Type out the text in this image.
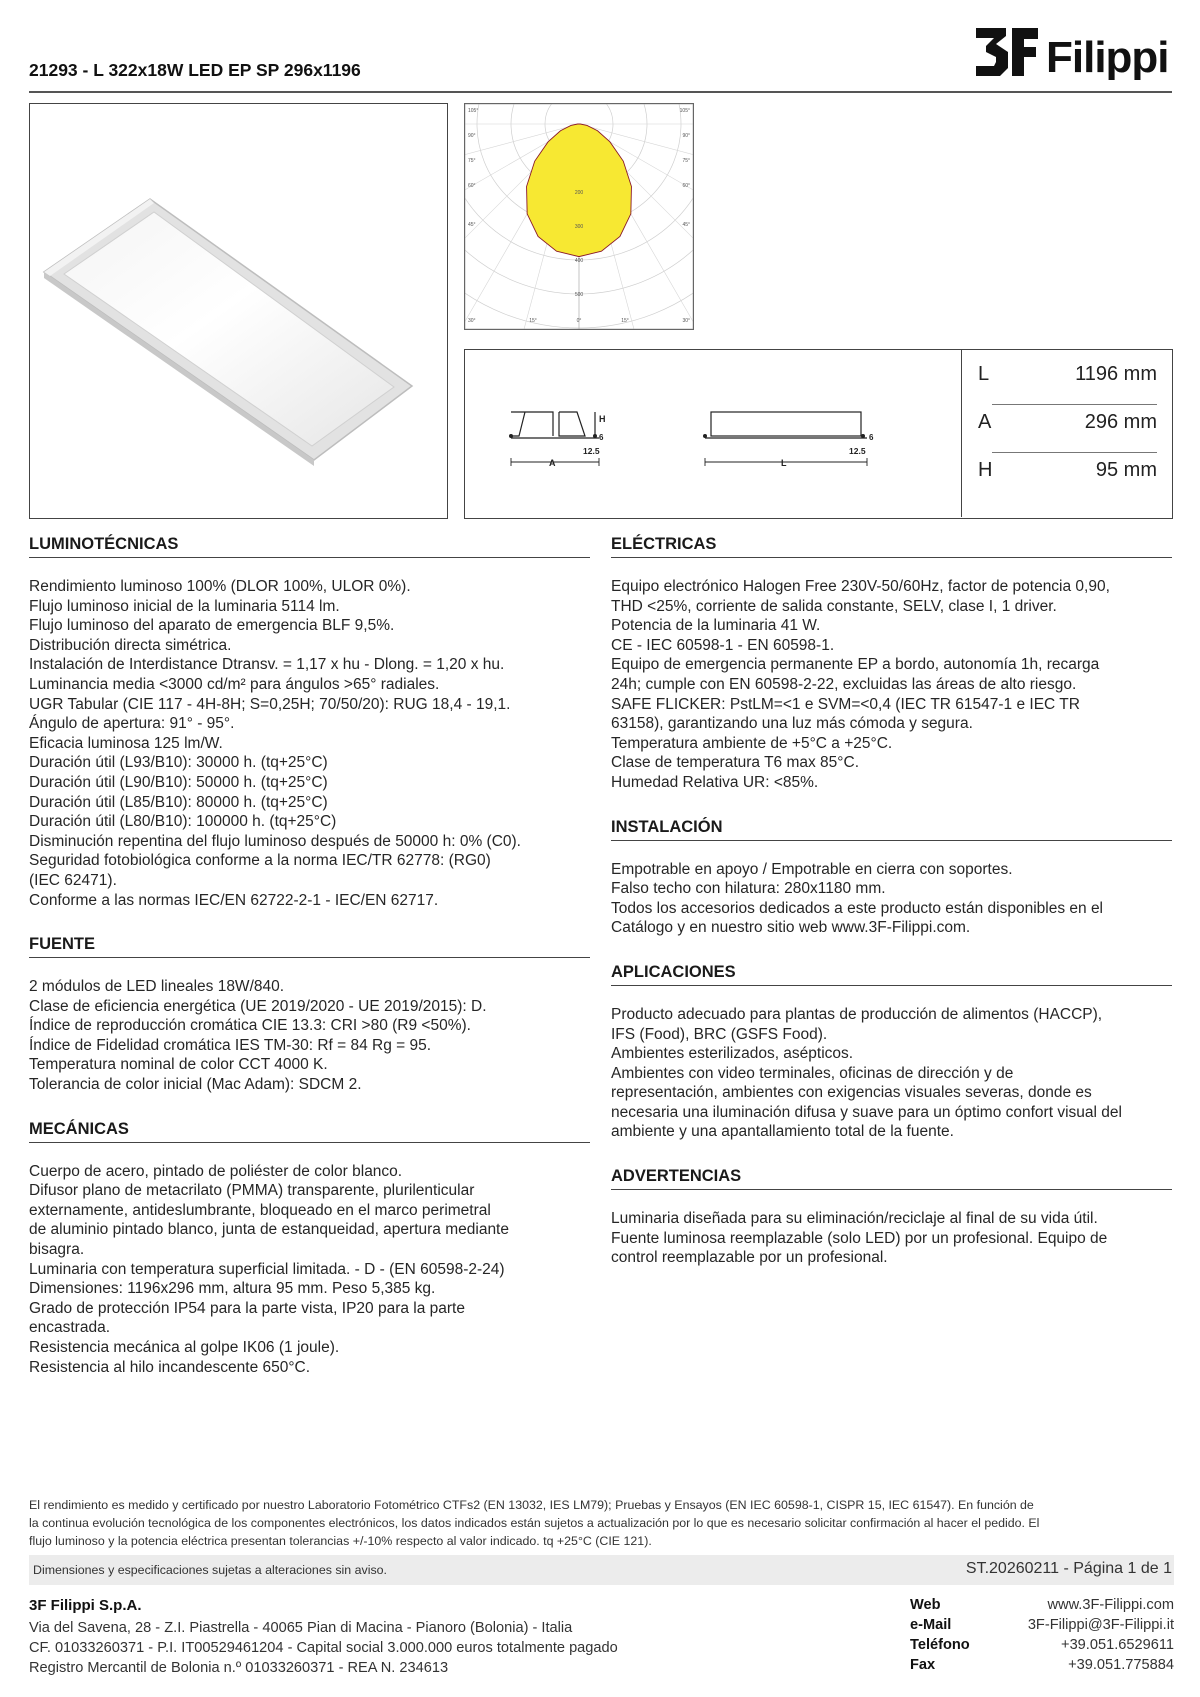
21293 - L 322x18W LED EP SP 296x1196	Filippi
105°
90°
75°
60°
45°
30°
105°
90°
75°
60°
45°
30°
200
300
400
500
15°	0°	15°
H
6
12.5
A
6
12.5
L
L	1196 mm
A	296 mm
H	95 mm
LUMINOTÉCNICAS
Rendimiento luminoso 100% (DLOR 100%, ULOR 0%).
Flujo luminoso inicial de la luminaria 5114 lm.
Flujo luminoso del aparato de emergencia BLF 9,5%.
Distribución directa simétrica.
Instalación de Interdistance Dtransv. = 1,17 x hu - Dlong. = 1,20 x hu.
Luminancia media <3000 cd/m² para ángulos >65° radiales.
UGR Tabular (CIE 117 - 4H-8H; S=0,25H; 70/50/20): RUG 18,4 - 19,1.
Ángulo de apertura: 91° - 95°.
Eficacia luminosa 125 lm/W.
Duración útil (L93/B10): 30000 h. (tq+25°C)
Duración útil (L90/B10): 50000 h. (tq+25°C)
Duración útil (L85/B10): 80000 h. (tq+25°C)
Duración útil (L80/B10): 100000 h. (tq+25°C)
Disminución repentina del flujo luminoso después de 50000 h: 0% (C0).
Seguridad fotobiológica conforme a la norma IEC/TR 62778: (RG0)
(IEC 62471).
Conforme a las normas IEC/EN 62722-2-1 - IEC/EN 62717.
FUENTE
2 módulos de LED lineales 18W/840.
Clase de eficiencia energética (UE 2019/2020 - UE 2019/2015): D.
Índice de reproducción cromática CIE 13.3: CRI >80 (R9 <50%).
Índice de Fidelidad cromática IES TM-30: Rf = 84 Rg = 95.
Temperatura nominal de color CCT 4000 K.
Tolerancia de color inicial (Mac Adam): SDCM 2.
MECÁNICAS
Cuerpo de acero, pintado de poliéster de color blanco.
Difusor plano de metacrilato (PMMA) transparente, plurilenticular
externamente, antideslumbrante, bloqueado en el marco perimetral
de aluminio pintado blanco, junta de estanqueidad, apertura mediante
bisagra.
Luminaria con temperatura superficial limitada. - D - (EN 60598-2-24)
Dimensiones: 1196x296 mm, altura 95 mm. Peso 5,385 kg.
Grado de protección IP54 para la parte vista, IP20 para la parte
encastrada.
Resistencia mecánica al golpe IK06 (1 joule).
Resistencia al hilo incandescente 650°C.
ELÉCTRICAS
Equipo electrónico Halogen Free 230V-50/60Hz, factor de potencia 0,90,
THD <25%, corriente de salida constante, SELV, clase I, 1 driver.
Potencia de la luminaria 41 W.
CE - IEC 60598-1 - EN 60598-1.
Equipo de emergencia permanente EP a bordo, autonomía 1h, recarga
24h; cumple con EN 60598-2-22, excluidas las áreas de alto riesgo.
SAFE FLICKER: PstLM=<1 e SVM=<0,4 (IEC TR 61547-1 e IEC TR
63158), garantizando una luz más cómoda y segura.
Temperatura ambiente de +5°C a +25°C.
Clase de temperatura T6 max 85°C.
Humedad Relativa UR: <85%.
INSTALACIÓN
Empotrable en apoyo / Empotrable en cierra con soportes.
Falso techo con hilatura: 280x1180 mm.
Todos los accesorios dedicados a este producto están disponibles en el
Catálogo y en nuestro sitio web www.3F-Filippi.com.
APLICACIONES
Producto adecuado para plantas de producción de alimentos (HACCP),
IFS (Food), BRC (GSFS Food).
Ambientes esterilizados, asépticos.
Ambientes con video terminales, oficinas de dirección y de
representación, ambientes con exigencias visuales severas, donde es
necesaria una iluminación difusa y suave para un óptimo confort visual del
ambiente y una apantallamiento total de la fuente.
ADVERTENCIAS
Luminaria diseñada para su eliminación/reciclaje al final de su vida útil.
Fuente luminosa reemplazable (solo LED) por un profesional. Equipo de
control reemplazable por un profesional.
El rendimiento es medido y certificado por nuestro Laboratorio Fotométrico CTFs2 (EN 13032, IES LM79); Pruebas y Ensayos (EN IEC 60598-1, CISPR 15, IEC 61547). En función de
la continua evolución tecnológica de los componentes electrónicos, los datos indicados están sujetos a actualización por lo que es necesario solicitar confirmación al hacer el pedido. El
flujo luminoso y la potencia eléctrica presentan tolerancias +/-10% respecto al valor indicado. tq +25°C (CIE 121).
Dimensiones y especificaciones sujetas a alteraciones sin aviso.	ST.20260211 - Página 1 de 1
3F Filippi S.p.A.
Via del Savena, 28 - Z.I. Piastrella - 40065 Pian di Macina - Pianoro (Bolonia) - Italia
CF. 01033260371 - P.I. IT00529461204 - Capital social 3.000.000 euros totalmente pagado
Registro Mercantil de Bolonia n.º 01033260371 - REA N. 234613
Web	www.3F-Filippi.com
e-Mail	3F-Filippi@3F-Filippi.it
Teléfono	+39.051.6529611
Fax	+39.051.775884
